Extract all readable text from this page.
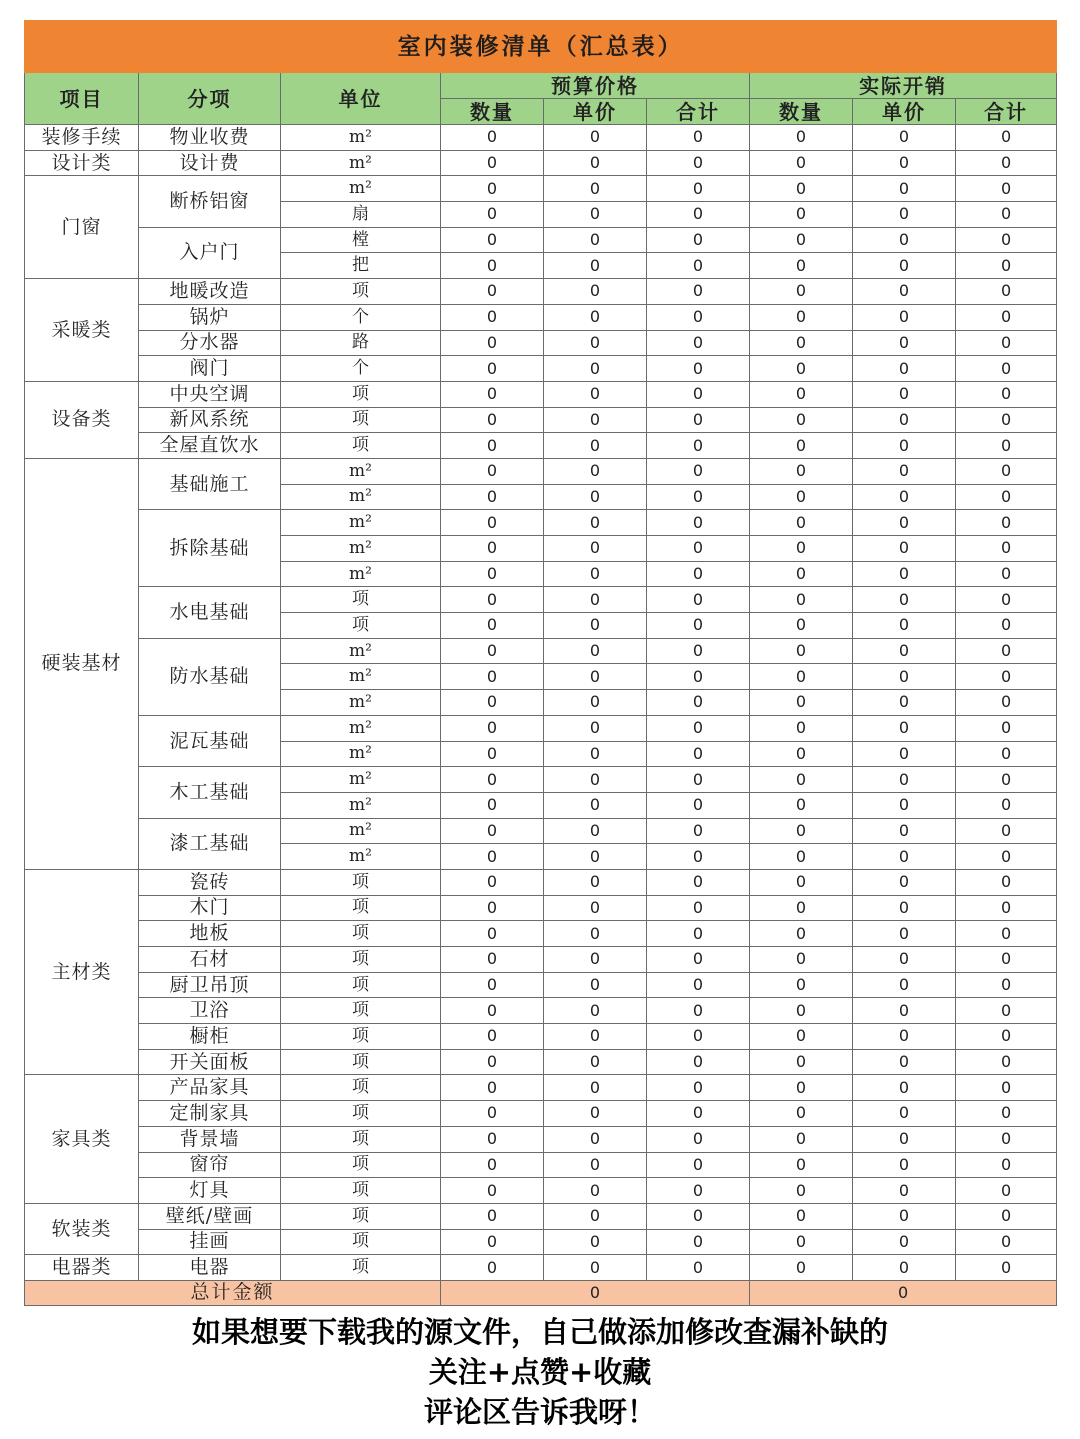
室内装修清单（汇总表）								
项目	分项	单位	预算价格			实际开销		
			数量	单价	合计	数量	单价	合计
装修手续	物业收费	m²	0	0	0	0	0	0
设计类	设计费	m²	0	0	0	0	0	0
门窗	断桥铝窗	m²	0	0	0	0	0	0
		扇	0	0	0	0	0	0
	入户门	樘	0	0	0	0	0	0
		把	0	0	0	0	0	0
采暖类	地暖改造	项	0	0	0	0	0	0
	锅炉	个	0	0	0	0	0	0
	分水器	路	0	0	0	0	0	0
	阀门	个	0	0	0	0	0	0
设备类	中央空调	项	0	0	0	0	0	0
	新风系统	项	0	0	0	0	0	0
	全屋直饮水	项	0	0	0	0	0	0
硬装基材	基础施工	m²	0	0	0	0	0	0
		m²	0	0	0	0	0	0
	拆除基础	m²	0	0	0	0	0	0
		m²	0	0	0	0	0	0
		m²	0	0	0	0	0	0
	水电基础	项	0	0	0	0	0	0
		项	0	0	0	0	0	0
	防水基础	m²	0	0	0	0	0	0
		m²	0	0	0	0	0	0
		m²	0	0	0	0	0	0
	泥瓦基础	m²	0	0	0	0	0	0
		m²	0	0	0	0	0	0
	木工基础	m²	0	0	0	0	0	0
		m²	0	0	0	0	0	0
	漆工基础	m²	0	0	0	0	0	0
		m²	0	0	0	0	0	0
主材类	瓷砖	项	0	0	0	0	0	0
	木门	项	0	0	0	0	0	0
	地板	项	0	0	0	0	0	0
	石材	项	0	0	0	0	0	0
	厨卫吊顶	项	0	0	0	0	0	0
	卫浴	项	0	0	0	0	0	0
	橱柜	项	0	0	0	0	0	0
	开关面板	项	0	0	0	0	0	0
家具类	产品家具	项	0	0	0	0	0	0
	定制家具	项	0	0	0	0	0	0
	背景墙	项	0	0	0	0	0	0
	窗帘	项	0	0	0	0	0	0
	灯具	项	0	0	0	0	0	0
软装类	壁纸/壁画	项	0	0	0	0	0	0
	挂画	项	0	0	0	0	0	0
电器类	电器	项	0	0	0	0	0	0
总计金额			0			0		
如果想要下载我的源文件，自己做添加修改查漏补缺的
关注+点赞+收藏
评论区告诉我呀！
